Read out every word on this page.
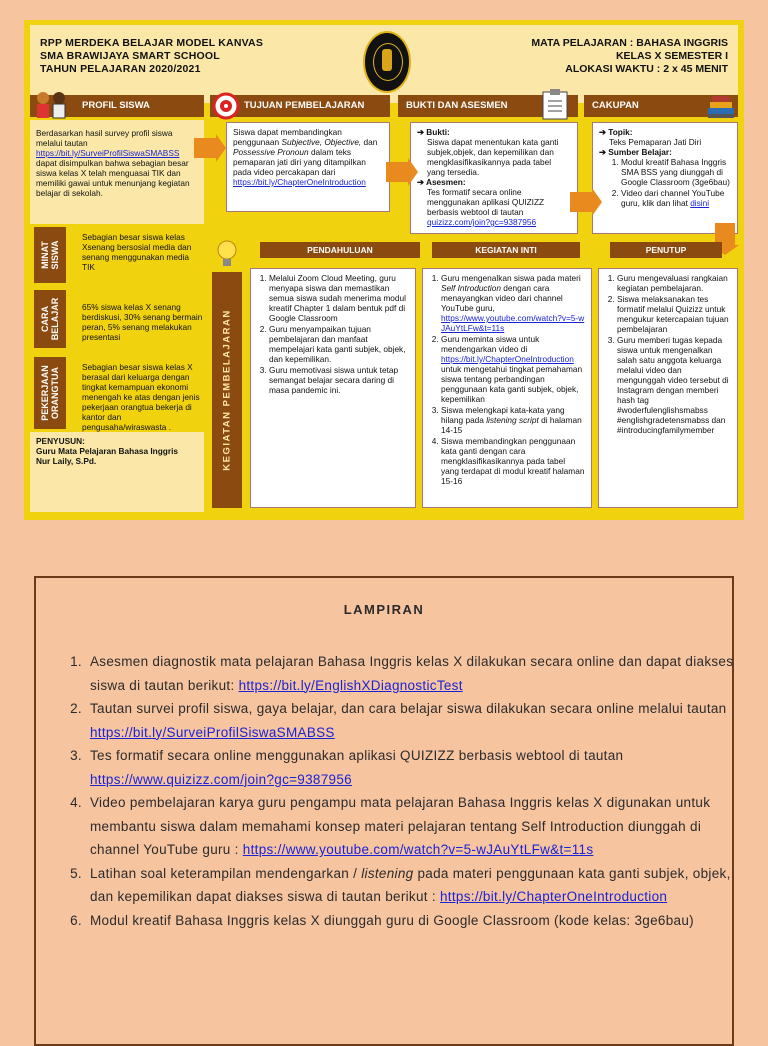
RPP MERDEKA BELAJAR MODEL KANVAS
SMA BRAWIJAYA SMART SCHOOL
TAHUN PELAJARAN 2020/2021
MATA PELAJARAN : BAHASA INGGRIS
KELAS X SEMESTER I
ALOKASI WAKTU : 2 x 45 MENIT
PROFIL SISWA
Berdasarkan hasil survey profil siswa melalui tautan
https://bit.ly/SurveiProfilSiswaSMABSS
dapat disimpulkan bahwa sebagian besar siswa kelas X telah menguasai TIK dan memiliki gawai untuk menunjang kegiatan belajar di sekolah.
MINAT SISWA
Sebagian besar siswa kelas Xsenang bersosial media dan senang menggunakan media TIK
CARA BELAJAR	65% siswa kelas X senang berdiskusi, 30% senang bermain peran, 5% senang melakukan presentasi
PEKERJAAN ORANGTUA	Sebagian besar siswa kelas X berasal dari keluarga dengan tingkat kemampuan ekonomi menengah ke atas dengan jenis pekerjaan orangtua bekerja di kantor dan pengusaha/wiraswasta .
PENYUSUN:
Guru Mata Pelajaran Bahasa Inggris
Nur Laily, S.Pd.
TUJUAN PEMBELAJARAN
Siswa dapat membandingkan penggunaan Subjective, Objective, dan Possessive Pronoun dalam teks pemaparan jati diri yang ditampilkan pada video percakapan dari
https://bit.ly/ChapterOneIntroduction
BUKTI DAN ASESMEN
➔ Bukti:
Siswa dapat menentukan kata ganti subjek,objek, dan kepemilikan dan mengklasifikasikannya pada tabel yang tersedia.
➔ Asesmen:
Tes formatif secara online menggunakan aplikasi QUIZIZZ berbasis webtool di tautan
quizizz.com/join?gc=9387956
CAKUPAN
➔ Topik:
Teks Pemaparan Jati Diri
➔ Sumber Belajar:
1. Modul kreatif Bahasa Inggris SMA BSS yang diunggah di Google Classroom (3ge6bau)
2. Video dari channel YouTube guru, klik dan lihat disini
KEGIATAN PEMBELAJARAN
PENDAHULUAN
1. Melalui Zoom Cloud Meeting, guru menyapa siswa dan memastikan semua siswa sudah menerima modul kreatif Chapter 1 dalam bentuk pdf di Google Classroom
2. Guru menyampaikan tujuan pembelajaran dan manfaat mempelajari kata ganti subjek, objek, dan kepemilikan.
3. Guru memotivasi siswa untuk tetap semangat belajar secara daring di masa pandemic ini.
KEGIATAN INTI
1. Guru mengenalkan siswa pada materi Self Introduction dengan cara menayangkan video dari channel YouTube guru,
https://www.youtube.com/watch?v=5-wJAuYtLFw&t=11s
2. Guru meminta siswa untuk mendengarkan video di
https://bit.ly/ChapterOneIntroduction untuk mengetahui tingkat pemahaman siswa tentang perbandingan penggunaan kata ganti subjek, objek, kepemilikan
3. Siswa melengkapi kata-kata yang hilang pada listening script di halaman 14-15
4. Siswa membandingkan penggunaan kata ganti dengan cara mengklasifikasikannya pada tabel yang terdapat di modul kreatif halaman 15-16
PENUTUP
1. Guru mengevaluasi rangkaian kegiatan pembelajaran.
2. Siswa melaksanakan tes formatif melalui Quizizz untuk mengukur ketercapaian tujuan pembelajaran
3. Guru memberi tugas kepada siswa untuk mengenalkan salah satu anggota keluarga melalui video dan mengunggah video tersebut di Instagram dengan memberi hash tag #woderfulenglishsmabss #englishgradetensmabss dan #introducingfamilymember
LAMPIRAN
1. Asesmen diagnostik mata pelajaran Bahasa Inggris kelas X dilakukan secara online dan dapat diakses siswa di tautan berikut: https://bit.ly/EnglishXDiagnosticTest
2. Tautan survei profil siswa, gaya belajar, dan cara belajar siswa dilakukan secara online melalui tautan https://bit.ly/SurveiProfilSiswaSMABSS
3. Tes formatif secara online menggunakan aplikasi QUIZIZZ berbasis webtool di tautan https://www.quizizz.com/join?gc=9387956
4. Video pembelajaran karya guru pengampu mata pelajaran Bahasa Inggris kelas X digunakan untuk membantu siswa dalam memahami konsep materi pelajaran tentang Self Introduction diunggah di channel YouTube guru : https://www.youtube.com/watch?v=5-wJAuYtLFw&t=11s
5. Latihan soal keterampilan mendengarkan / listening pada materi penggunaan kata ganti subjek, objek, dan kepemilikan dapat diakses siswa di tautan berikut : https://bit.ly/ChapterOneIntroduction
6. Modul kreatif Bahasa Inggris kelas X diunggah guru di Google Classroom (kode kelas: 3ge6bau)
